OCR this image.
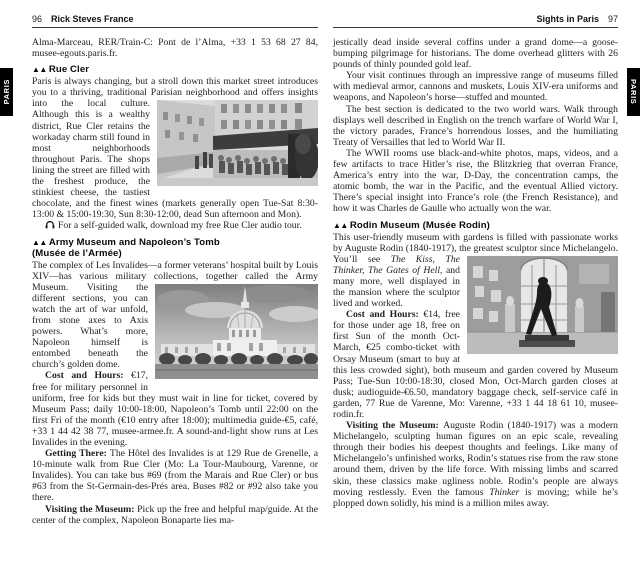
PARIS	PARIS
96 Rick Steves France

Alma-Marceau, RER/Train-C: Pont de l’Alma, +33 1 53 68 27 84, musee-egouts.paris.fr.

▲▲ Rue Cler

Paris is always changing, but a stroll down this market street introduces you to a thriving, traditional Parisian neighborhood and
offers insights into the local culture. Although this is a wealthy district, Rue Cler retains the workaday charm still found in most neighborhoods throughout Paris. The shops lining the street are filled with the freshest produce, the stinkiest cheese, the tastiest chocolate, and the finest wines (markets generally open Tue-Sat 8:30-13:00 & 15:00-19:30, Sun 8:30-12:00, dead Sun afternoon and Mon).

For a self-guided walk, download my free Rue Cler audio tour.

▲▲ Army Museum and Napoleon’s Tomb
(Musée de l’Armée)

The complex of Les Invalides—a former veterans’ hospital built by Louis XIV—has various military collections, together called the
Army Museum. Visiting the different sections, you can watch the art of war unfold, from stone axes to Axis powers. What’s more, Napoleon himself is entombed beneath the church’s golden dome.

Cost and Hours: €17, free for military personnel in uniform, free for kids but they must wait in line for ticket, covered by Museum Pass; daily 10:00-18:00, Napoleon’s Tomb until 22:00 on the first Fri of the month (€10 entry after 18:00); multimedia guide-€5, café, +33 1 44 42 38 77, musee-armee.fr. A sound-and-light show runs at Les Invalides in the evening.

Getting There: The Hôtel des Invalides is at 129 Rue de Grenelle, a 10-minute walk from Rue Cler (Mo: La Tour-Maubourg, Varenne, or Invalides). You can take bus #69 (from the Marais and Rue Cler) or bus #63 from the St-Germain-des-Prés area. Buses #82 or #92 also take you there.

Visiting the Museum: Pick up the free and helpful map/guide. At the center of the complex, Napoleon Bonaparte lies ma-

Sights in Paris 97

jestically dead inside several coffins under a grand dome—a goose-bumping pilgrimage for historians. The dome overhead glitters with 26 pounds of thinly pounded gold leaf.

Your visit continues through an impressive range of museums filled with medieval armor, cannons and muskets, Louis XIV-era uniforms and weapons, and Napoleon’s horse—stuffed and mounted.

The best section is dedicated to the two world wars. Walk through displays well described in English on the trench warfare of World War I, the victory parades, France’s horrendous losses, and the humiliating Treaty of Versailles that led to World War II.

The WWII rooms use black-and-white photos, maps, videos, and a few artifacts to trace Hitler’s rise, the Blitzkrieg that overran France, America’s entry into the war, D-Day, the concentration camps, the atomic bomb, the war in the Pacific, and the eventual Allied victory. There’s special insight into France’s role (the French Resistance), and how it was Charles de Gaulle who actually won the war.

▲▲ Rodin Museum (Musée Rodin)

This user-friendly museum with gardens is filled with passionate works by Auguste Rodin (1840-1917), the greatest sculptor since
Michelangelo. You’ll see The Kiss, The Thinker, The Gates of Hell, and many more, well displayed in the mansion where the sculptor lived and worked.

Cost and Hours: €14, free for those under age 18, free on first Sun of the month Oct-March, €25 combo-ticket with Orsay Museum (smart to buy at this less crowded sight), both museum and garden covered by Museum Pass; Tue-Sun 10:00-18:30, closed Mon, Oct-March garden closes at dusk; audioguide-€6.50, mandatory baggage check, self-service café in garden, 77 Rue de Varenne, Mo: Varenne, +33 1 44 18 61 10, musee-rodin.fr.

Visiting the Museum: Auguste Rodin (1840-1917) was a modern Michelangelo, sculpting human figures on an epic scale, revealing through their bodies his deepest thoughts and feelings. Like many of Michelangelo’s unfinished works, Rodin’s statues rise from the raw stone around them, driven by the life force. With missing limbs and scarred skin, these classics make ugliness noble. Rodin’s people are always moving restlessly. Even the famous Thinker is moving; while he’s plopped down solidly, his mind is a million miles away.
